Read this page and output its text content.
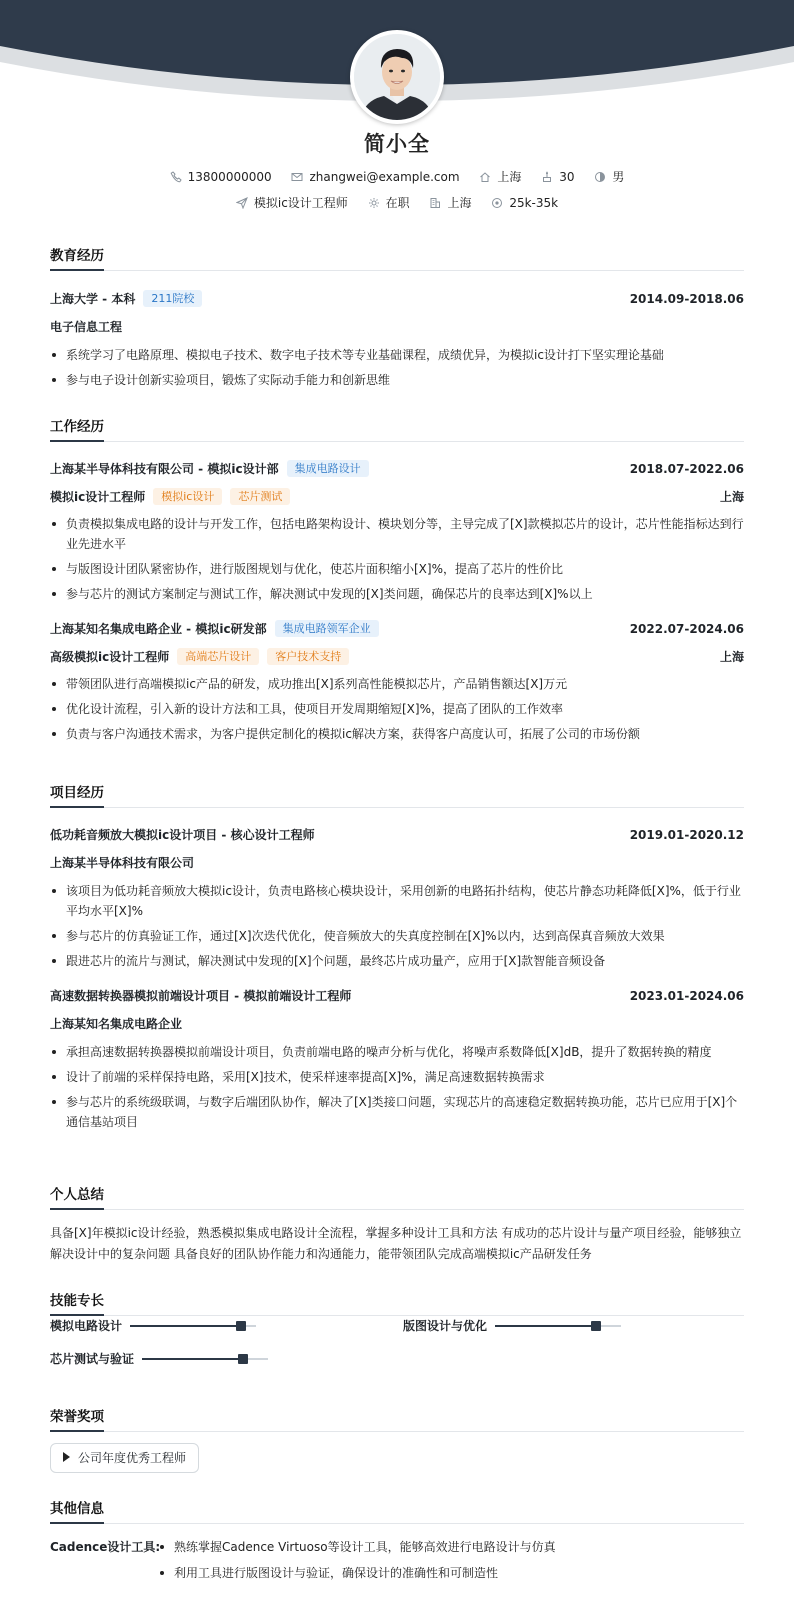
简小全
13800000000	zhangwei@example.com	上海	30	男
模拟ic设计工程师	在职	上海	25k-35k
教育经历
上海大学 - 本科 211院校	2014.09-2018.06
电子信息工程
系统学习了电路原理、模拟电子技术、数字电子技术等专业基础课程，成绩优异，为模拟ic设计打下坚实理论基础
参与电子设计创新实验项目，锻炼了实际动手能力和创新思维
工作经历
上海某半导体科技有限公司 - 模拟ic设计部 集成电路设计	2018.07-2022.06
模拟ic设计工程师 模拟ic设计 芯片测试	上海
负责模拟集成电路的设计与开发工作，包括电路架构设计、模块划分等，主导完成了[X]款模拟芯片的设计，芯片性能指标达到行业先进水平
与版图设计团队紧密协作，进行版图规划与优化，使芯片面积缩小[X]%，提高了芯片的性价比
参与芯片的测试方案制定与测试工作，解决测试中发现的[X]类问题，确保芯片的良率达到[X]%以上
上海某知名集成电路企业 - 模拟ic研发部 集成电路领军企业	2022.07-2024.06
高级模拟ic设计工程师 高端芯片设计 客户技术支持	上海
带领团队进行高端模拟ic产品的研发，成功推出[X]系列高性能模拟芯片，产品销售额达[X]万元
优化设计流程，引入新的设计方法和工具，使项目开发周期缩短[X]%，提高了团队的工作效率
负责与客户沟通技术需求，为客户提供定制化的模拟ic解决方案，获得客户高度认可，拓展了公司的市场份额
项目经历
低功耗音频放大模拟ic设计项目 - 核心设计工程师	2019.01-2020.12
上海某半导体科技有限公司
该项目为低功耗音频放大模拟ic设计，负责电路核心模块设计，采用创新的电路拓扑结构，使芯片静态功耗降低[X]%，低于行业平均水平[X]%
参与芯片的仿真验证工作，通过[X]次迭代优化，使音频放大的失真度控制在[X]%以内，达到高保真音频放大效果
跟进芯片的流片与测试，解决测试中发现的[X]个问题，最终芯片成功量产，应用于[X]款智能音频设备
高速数据转换器模拟前端设计项目 - 模拟前端设计工程师	2023.01-2024.06
上海某知名集成电路企业
承担高速数据转换器模拟前端设计项目，负责前端电路的噪声分析与优化，将噪声系数降低[X]dB，提升了数据转换的精度
设计了前端的采样保持电路，采用[X]技术，使采样速率提高[X]%，满足高速数据转换需求
参与芯片的系统级联调，与数字后端团队协作，解决了[X]类接口问题，实现芯片的高速稳定数据转换功能，芯片已应用于[X]个通信基站项目
个人总结
具备[X]年模拟ic设计经验，熟悉模拟集成电路设计全流程，掌握多种设计工具和方法 有成功的芯片设计与量产项目经验，能够独立解决设计中的复杂问题 具备良好的团队协作能力和沟通能力，能带领团队完成高端模拟ic产品研发任务
技能专长
模拟电路设计	版图设计与优化
芯片测试与验证
荣誉奖项
公司年度优秀工程师
其他信息
Cadence设计工具:	熟练掌握Cadence Virtuoso等设计工具，能够高效进行电路设计与仿真
利用工具进行版图设计与验证，确保设计的准确性和可制造性
